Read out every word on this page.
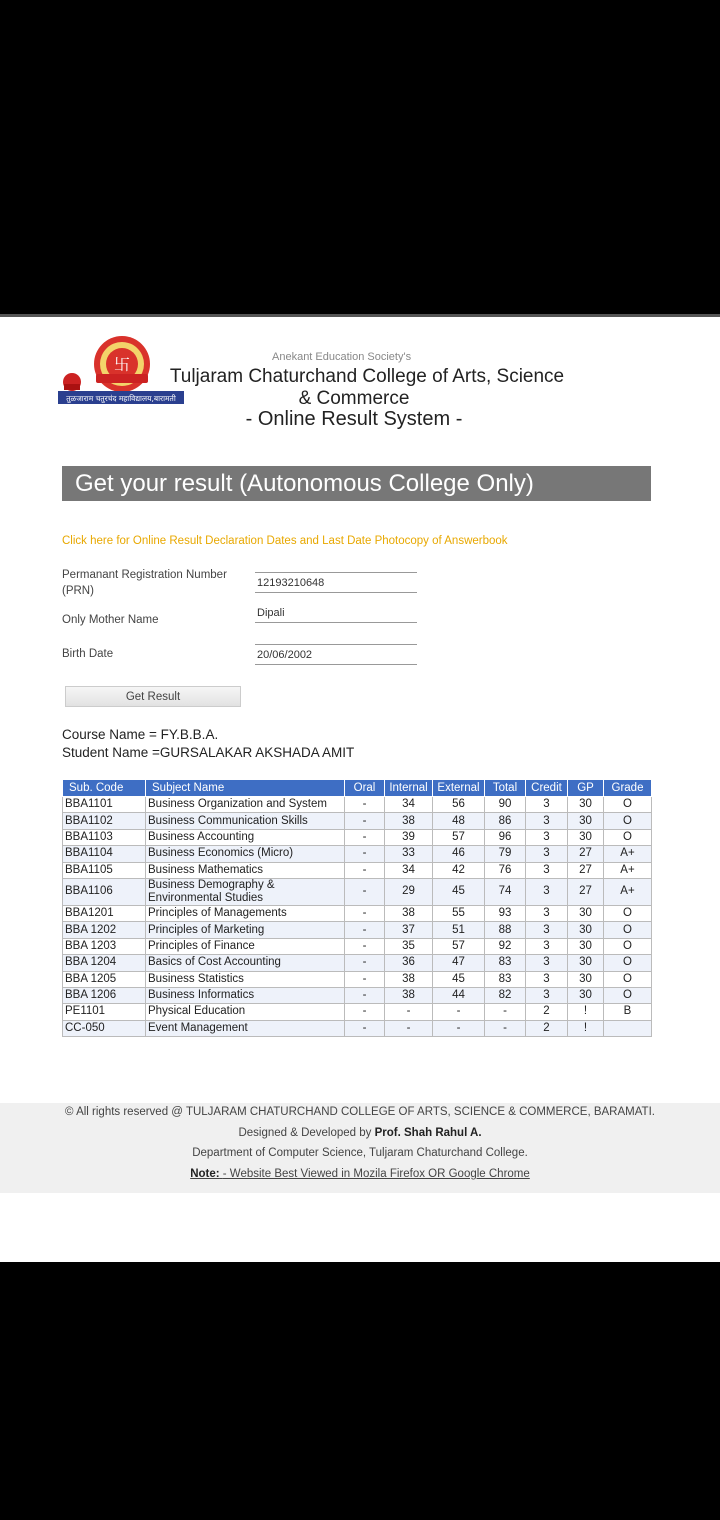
卐
तुळजाराम चतुरचंद महाविद्यालय,बारामती
Anekant Education Society's
Tuljaram Chaturchand College of Arts, Science
& Commerce
- Online Result System -
Get your result (Autonomous College Only)
Click here for Online Result Declaration Dates and Last Date Photocopy of Answerbook
Permanant Registration Number (PRN)
12193210648
Only Mother Name
Dipali
Birth Date
20/06/2002
Get Result
Course Name = FY.B.B.A.
Student Name =GURSALAKAR AKSHADA AMIT
Sub. Code	Subject Name	Oral	Internal	External	Total	Credit	GP	Grade
BBA1101	Business Organization and System	-	34	56	90	3	30	O
BBA1102	Business Communication Skills	-	38	48	86	3	30	O
BBA1103	Business Accounting	-	39	57	96	3	30	O
BBA1104	Business Economics (Micro)	-	33	46	79	3	27	A+
BBA1105	Business Mathematics	-	34	42	76	3	27	A+
BBA1106	Business Demography & Environmental Studies	-	29	45	74	3	27	A+
BBA1201	Principles of Managements	-	38	55	93	3	30	O
BBA 1202	Principles of Marketing	-	37	51	88	3	30	O
BBA 1203	Principles of Finance	-	35	57	92	3	30	O
BBA 1204	Basics of Cost Accounting	-	36	47	83	3	30	O
BBA 1205	Business Statistics	-	38	45	83	3	30	O
BBA 1206	Business Informatics	-	38	44	82	3	30	O
PE1101	Physical Education	-	-	-	-	2	!	B
CC-050	Event Management	-	-	-	-	2	!	
© All rights reserved @ TULJARAM CHATURCHAND COLLEGE OF ARTS, SCIENCE & COMMERCE, BARAMATI.
Designed & Developed by Prof. Shah Rahul A.
Department of Computer Science, Tuljaram Chaturchand College.
Note: - Website Best Viewed in Mozila Firefox OR Google Chrome
